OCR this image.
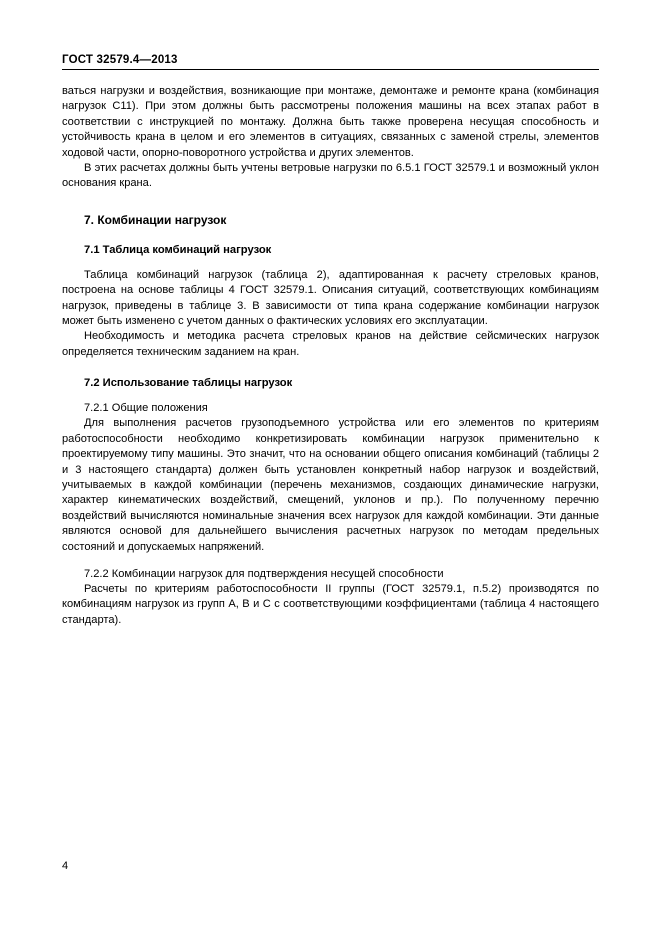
ГОСТ 32579.4—2013

ваться нагрузки и воздействия, возникающие при монтаже, демонтаже и ремонте крана (комбинация нагрузок C11). При этом должны быть рассмотрены положения машины на всех этапах работ в соответствии с инструкцией по монтажу. Должна быть также проверена несущая способность и устойчивость крана в целом и его элементов в ситуациях, связанных с заменой стрелы, элементов ходовой части, опорно-поворотного устройства и других элементов.

В этих расчетах должны быть учтены ветровые нагрузки по 6.5.1 ГОСТ 32579.1 и возможный уклон основания крана.

7. Комбинации нагрузок
7.1 Таблица комбинаций нагрузок

Таблица комбинаций нагрузок (таблица 2), адаптированная к расчету стреловых кранов, построена на основе таблицы 4 ГОСТ 32579.1. Описания ситуаций, соответствующих комбинациям нагрузок, приведены в таблице 3. В зависимости от типа крана содержание комбинации нагрузок может быть изменено с учетом данных о фактических условиях его эксплуатации.

Необходимость и методика расчета стреловых кранов на действие сейсмических нагрузок определяется техническим заданием на кран.

7.2 Использование таблицы нагрузок
7.2.1 Общие положения

Для выполнения расчетов грузоподъемного устройства или его элементов по критериям работоспособности необходимо конкретизировать комбинации нагрузок применительно к проектируемому типу машины. Это значит, что на основании общего описания комбинаций (таблицы 2 и 3 настоящего стандарта) должен быть установлен конкретный набор нагрузок и воздействий, учитываемых в каждой комбинации (перечень механизмов, создающих динамические нагрузки, характер кинематических воздействий, смещений, уклонов и пр.). По полученному перечню воздействий вычисляются номинальные значения всех нагрузок для каждой комбинации. Эти данные являются основой для дальнейшего вычисления расчетных нагрузок по методам предельных состояний и допускаемых напряжений.

7.2.2 Комбинации нагрузок для подтверждения несущей способности

Расчеты по критериям работоспособности II группы (ГОСТ 32579.1, п.5.2) производятся по комбинациям нагрузок из групп A, B и C с соответствующими коэффициентами (таблица 4 настоящего стандарта).

4
